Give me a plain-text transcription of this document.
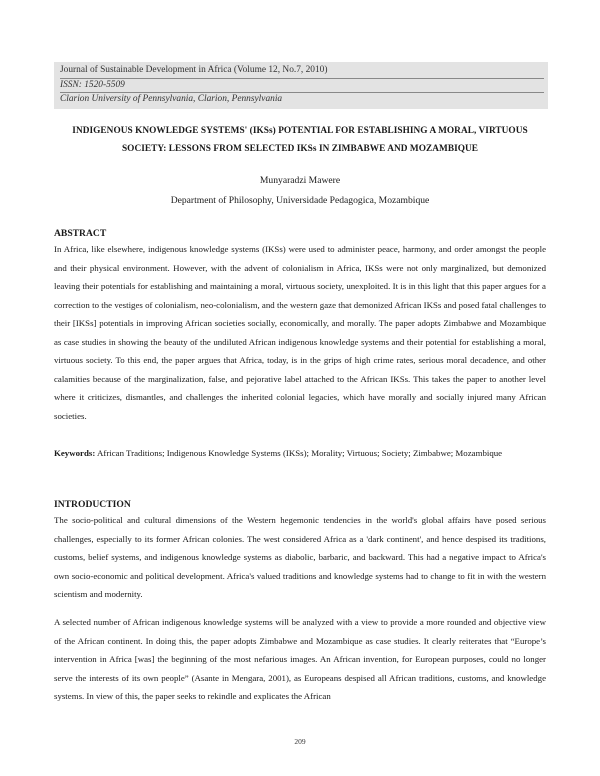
Journal of Sustainable Development in Africa (Volume 12, No.7, 2010)
ISSN: 1520-5509
Clarion University of Pennsylvania, Clarion, Pennsylvania
INDIGENOUS KNOWLEDGE SYSTEMS' (IKSs) POTENTIAL FOR ESTABLISHING A MORAL, VIRTUOUS SOCIETY: LESSONS FROM SELECTED IKSs IN ZIMBABWE AND MOZAMBIQUE
Munyaradzi Mawere
Department of Philosophy, Universidade Pedagogica, Mozambique
ABSTRACT

In Africa, like elsewhere, indigenous knowledge systems (IKSs) were used to administer peace, harmony, and order amongst the people and their physical environment. However, with the advent of colonialism in Africa, IKSs were not only marginalized, but demonized leaving their potentials for establishing and maintaining a moral, virtuous society, unexploited. It is in this light that this paper argues for a correction to the vestiges of colonialism, neo-colonialism, and the western gaze that demonized African IKSs and posed fatal challenges to their [IKSs] potentials in improving African societies socially, economically, and morally. The paper adopts Zimbabwe and Mozambique as case studies in showing the beauty of the undiluted African indigenous knowledge systems and their potential for establishing a moral, virtuous society. To this end, the paper argues that Africa, today, is in the grips of high crime rates, serious moral decadence, and other calamities because of the marginalization, false, and pejorative label attached to the African IKSs. This takes the paper to another level where it criticizes, dismantles, and challenges the inherited colonial legacies, which have morally and socially injured many African societies.

Keywords: African Traditions; Indigenous Knowledge Systems (IKSs); Morality; Virtuous; Society; Zimbabwe; Mozambique

INTRODUCTION

The socio-political and cultural dimensions of the Western hegemonic tendencies in the world's global affairs have posed serious challenges, especially to its former African colonies. The west considered Africa as a 'dark continent', and hence despised its traditions, customs, belief systems, and indigenous knowledge systems as diabolic, barbaric, and backward. This had a negative impact to Africa's own socio-economic and political development. Africa's valued traditions and knowledge systems had to change to fit in with the western scientism and modernity.

A selected number of African indigenous knowledge systems will be analyzed with a view to provide a more rounded and objective view of the African continent. In doing this, the paper adopts Zimbabwe and Mozambique as case studies. It clearly reiterates that “Europe’s intervention in Africa [was] the beginning of the most nefarious images. An African invention, for European purposes, could no longer serve the interests of its own people” (Asante in Mengara, 2001), as Europeans despised all African traditions, customs, and knowledge systems. In view of this, the paper seeks to rekindle and explicates the African

209
